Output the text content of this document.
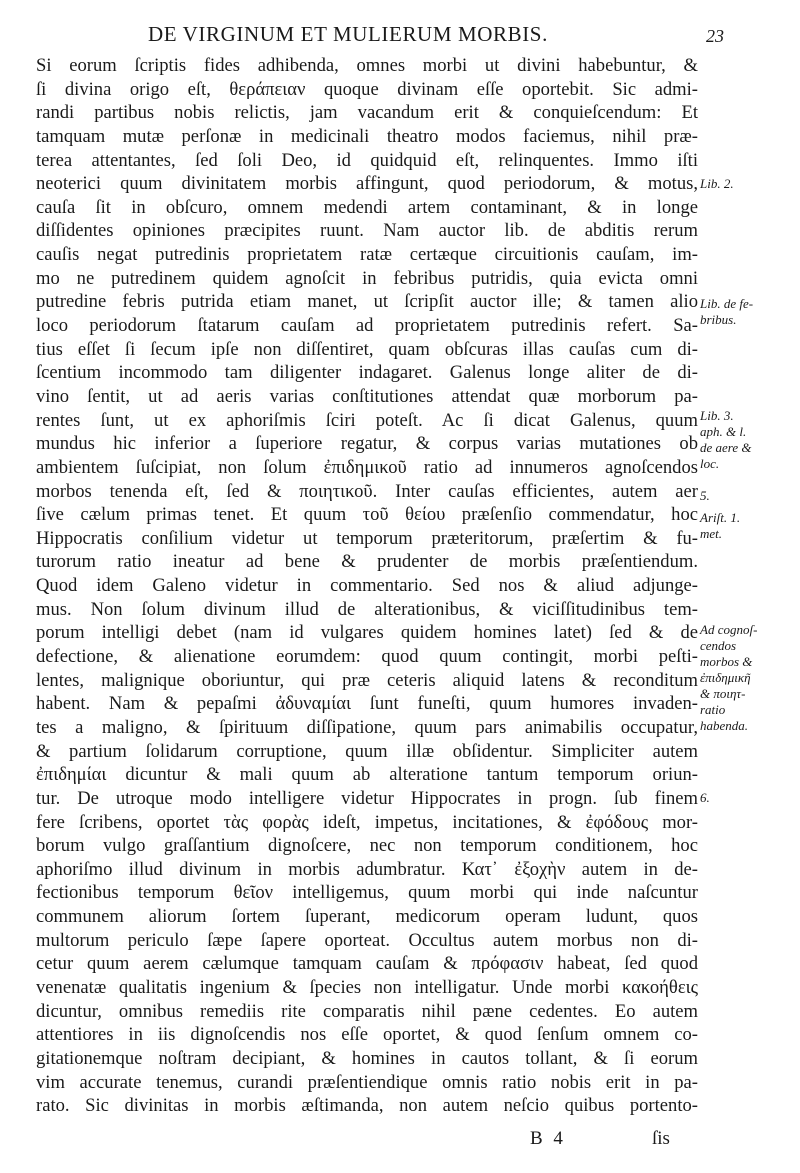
DE VIRGINUM ET MULIERUM MORBIS.	23
Si eorum ſcriptis fides adhibenda, omnes morbi ut divini habebuntur, &
ſi divina origo eſt, θεράπειαν quoque divinam eſſe oportebit. Sic admi-
randi partibus nobis relictis, jam vacandum erit & conquieſcendum: Et
tamquam mutæ perſonæ in medicinali theatro modos faciemus, nihil præ-
terea attentantes, ſed ſoli Deo, id quidquid eſt, relinquentes. Immo iſti
neoterici quum divinitatem morbis affingunt, quod periodorum, & motus,
cauſa ſit in obſcuro, omnem medendi artem contaminant, & in longe
diſſidentes opiniones præcipites ruunt. Nam auctor lib. de abditis rerum
cauſis negat putredinis proprietatem ratæ certæque circuitionis cauſam, im-
mo ne putredinem quidem agnoſcit in febribus putridis, quia evicta omni
putredine febris putrida etiam manet, ut ſcripſit auctor ille; & tamen alio
loco periodorum ſtatarum cauſam ad proprietatem putredinis refert. Sa-
tius eſſet ſi ſecum ipſe non diſſentiret, quam obſcuras illas cauſas cum di-
ſcentium incommodo tam diligenter indagaret. Galenus longe aliter de di-
vino ſentit, ut ad aeris varias conſtitutiones attendat quæ morborum pa-
rentes ſunt, ut ex aphoriſmis ſciri poteſt. Ac ſi dicat Galenus, quum
mundus hic inferior a ſuperiore regatur, & corpus varias mutationes ob
ambientem ſuſcipiat, non ſolum ἐπιδημικοῦ ratio ad innumeros agnoſcendos
morbos tenenda eſt, ſed & ποιητικοῦ. Inter cauſas efficientes, autem aer
ſive cælum primas tenet. Et quum τοῦ θείου præſenſio commendatur, hoc
Hippocratis conſilium videtur ut temporum præteritorum, præſertim & fu-
turorum ratio ineatur ad bene & prudenter de morbis præſentiendum.
Quod idem Galeno videtur in commentario. Sed nos & aliud adjunge-
mus. Non ſolum divinum illud de alterationibus, & viciſſitudinibus tem-
porum intelligi debet (nam id vulgares quidem homines latet) ſed & de
defectione, & alienatione eorumdem: quod quum contingit, morbi peſti-
lentes, malignique oboriuntur, qui præ ceteris aliquid latens & reconditum
habent. Nam & pepaſmi ἀδυναμίαι ſunt funeſti, quum humores invaden-
tes a maligno, & ſpirituum diſſipatione, quum pars animabilis occupatur,
& partium ſolidarum corruptione, quum illæ obſidentur. Simpliciter autem
ἐπιδημίαι dicuntur & mali quum ab alteratione tantum temporum oriun-
tur. De utroque modo intelligere videtur Hippocrates in progn. ſub finem
fere ſcribens, oportet τὰς φορὰς ideſt, impetus, incitationes, & ἐφόδους mor-
borum vulgo graſſantium dignoſcere, nec non temporum conditionem, hoc
aphoriſmo illud divinum in morbis adumbratur. Κατ᾽ ἐξοχὴν autem in de-
fectionibus temporum θεῖον intelligemus, quum morbi qui inde naſcuntur
communem aliorum ſortem ſuperant, medicorum operam ludunt, quos
multorum periculo ſæpe ſapere oporteat. Occultus autem morbus non di-
cetur quum aerem cælumque tamquam cauſam & πρόφασιν habeat, ſed quod
venenatæ qualitatis ingenium & ſpecies non intelligatur. Unde morbi κακοήθεις
dicuntur, omnibus remediis rite comparatis nihil pæne cedentes. Eo autem
attentiores in iis dignoſcendis nos eſſe oportet, & quod ſenſum omnem co-
gitationemque noſtram decipiant, & homines in cautos tollant, & ſi eorum
vim accurate tenemus, curandi præſentiendique omnis ratio nobis erit in pa-
rato. Sic divinitas in morbis æſtimanda, non autem neſcio quibus portento-
Lib. 2.
Lib. de fe-
bribus.
Lib. 3.
aph. & l.
de aere &
loc.
5.
Ariſt. 1.
met.
Ad cognoſ-
cendos
morbos &
ἐπιδημικῆ
& ποιητ-
ratio
habenda.
6.
B 4	ſis
